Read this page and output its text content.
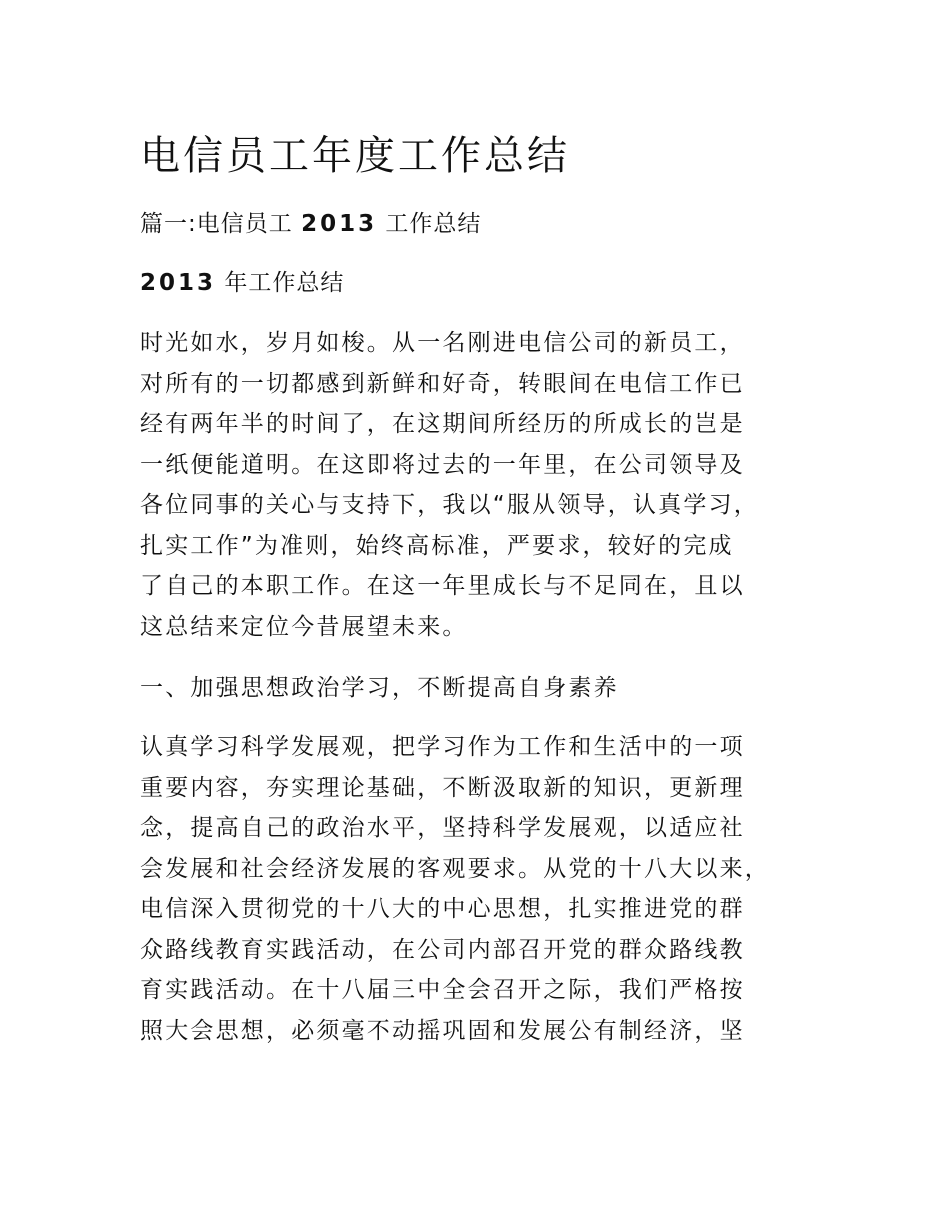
电信员工年度工作总结

篇一:电信员工 2013 工作总结

2013 年工作总结

时光如水，岁月如梭。从一名刚进电信公司的新员工，
对所有的一切都感到新鲜和好奇，转眼间在电信工作已
经有两年半的时间了，在这期间所经历的所成长的岂是
一纸便能道明。在这即将过去的一年里，在公司领导及
各位同事的关心与支持下，我以“服从领导，认真学习，
扎实工作”为准则，始终高标准，严要求，较好的完成
了自己的本职工作。在这一年里成长与不足同在，且以
这总结来定位今昔展望未来。

一、加强思想政治学习，不断提高自身素养

认真学习科学发展观，把学习作为工作和生活中的一项
重要内容，夯实理论基础，不断汲取新的知识，更新理
念，提高自己的政治水平，坚持科学发展观，以适应社
会发展和社会经济发展的客观要求。从党的十八大以来，
电信深入贯彻党的十八大的中心思想，扎实推进党的群
众路线教育实践活动，在公司内部召开党的群众路线教
育实践活动。在十八届三中全会召开之际，我们严格按
照大会思想，必须毫不动摇巩固和发展公有制经济，坚
